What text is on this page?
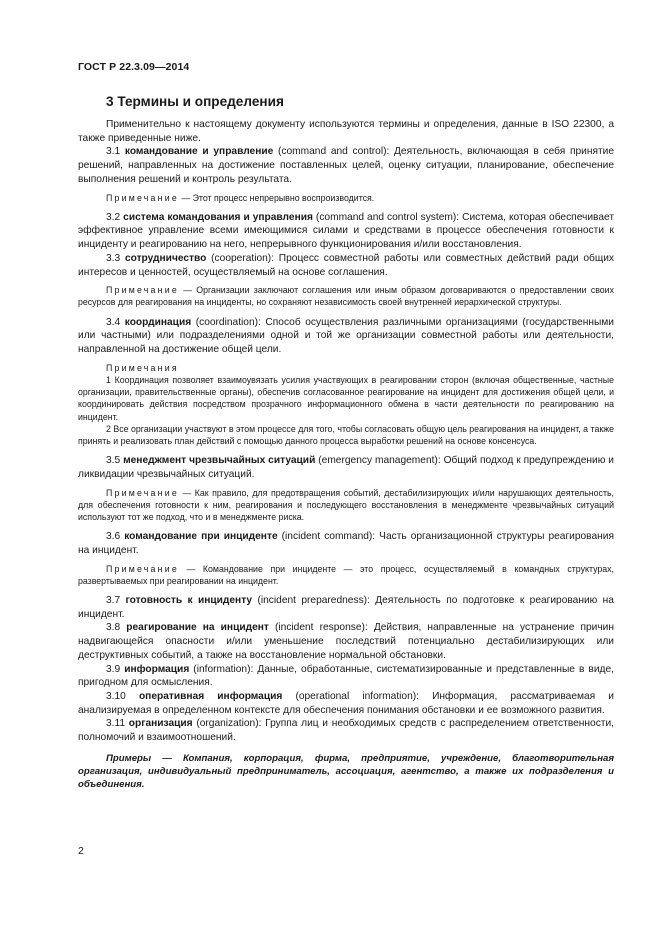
ГОСТ Р 22.3.09—2014
3 Термины и определения

Применительно к настоящему документу используются термины и определения, данные в ISO 22300, а также приведенные ниже.

3.1 командование и управление (command and control): Деятельность, включающая в себя принятие решений, направленных на достижение поставленных целей, оценку ситуации, планирование, обеспечение выполнения решений и контроль результата.

Примечание — Этот процесс непрерывно воспроизводится.

3.2 система командования и управления (command and control system): Система, которая обеспечивает эффективное управление всеми имеющимися силами и средствами в процессе обеспечения готовности к инциденту и реагированию на него, непрерывного функционирования и/или восстановления.

3.3 сотрудничество (cooperation): Процесс совместной работы или совместных действий ради общих интересов и ценностей, осуществляемый на основе соглашения.

Примечание — Организации заключают соглашения или иным образом договариваются о предоставлении своих ресурсов для реагирования на инциденты, но сохраняют независимость своей внутренней иерархической структуры.

3.4 координация (coordination): Способ осуществления различными организациями (государственными или частными) или подразделениями одной и той же организации совместной работы или деятельности, направленной на достижение общей цели.

Примечания

1 Координация позволяет взаимоувязать усилия участвующих в реагировании сторон (включая общественные, частные организации, правительственные органы), обеспечив согласованное реагирование на инцидент для достижения общей цели, и координировать действия посредством прозрачного информационного обмена в части деятельности по реагированию на инцидент.

2 Все организации участвуют в этом процессе для того, чтобы согласовать общую цель реагирования на инцидент, а также принять и реализовать план действий с помощью данного процесса выработки решений на основе консенсуса.

3.5 менеджмент чрезвычайных ситуаций (emergency management): Общий подход к предупреждению и ликвидации чрезвычайных ситуаций.

Примечание — Как правило, для предотвращения событий, дестабилизирующих и/или нарушающих деятельность, для обеспечения готовности к ним, реагирования и последующего восстановления в менеджменте чрезвычайных ситуаций используют тот же подход, что и в менеджменте риска.

3.6 командование при инциденте (incident command): Часть организационной структуры реагирования на инцидент.

Примечание — Командование при инциденте — это процесс, осуществляемый в командных структурах, развертываемых при реагировании на инцидент.

3.7 готовность к инциденту (incident preparedness): Деятельность по подготовке к реагированию на инцидент.

3.8 реагирование на инцидент (incident response): Действия, направленные на устранение причин надвигающейся опасности и/или уменьшение последствий потенциально дестабилизирующих или деструктивных событий, а также на восстановление нормальной обстановки.

3.9 информация (information): Данные, обработанные, систематизированные и представленные в виде, пригодном для осмысления.

3.10 оперативная информация (operational information): Информация, рассматриваемая и анализируемая в определенном контексте для обеспечения понимания обстановки и ее возможного развития.

3.11 организация (organization): Группа лиц и необходимых средств с распределением ответственности, полномочий и взаимоотношений.

Примеры — Компания, корпорация, фирма, предприятие, учреждение, благотворительная организация, индивидуальный предприниматель, ассоциация, агентство, а также их подразделения и объединения.

2
